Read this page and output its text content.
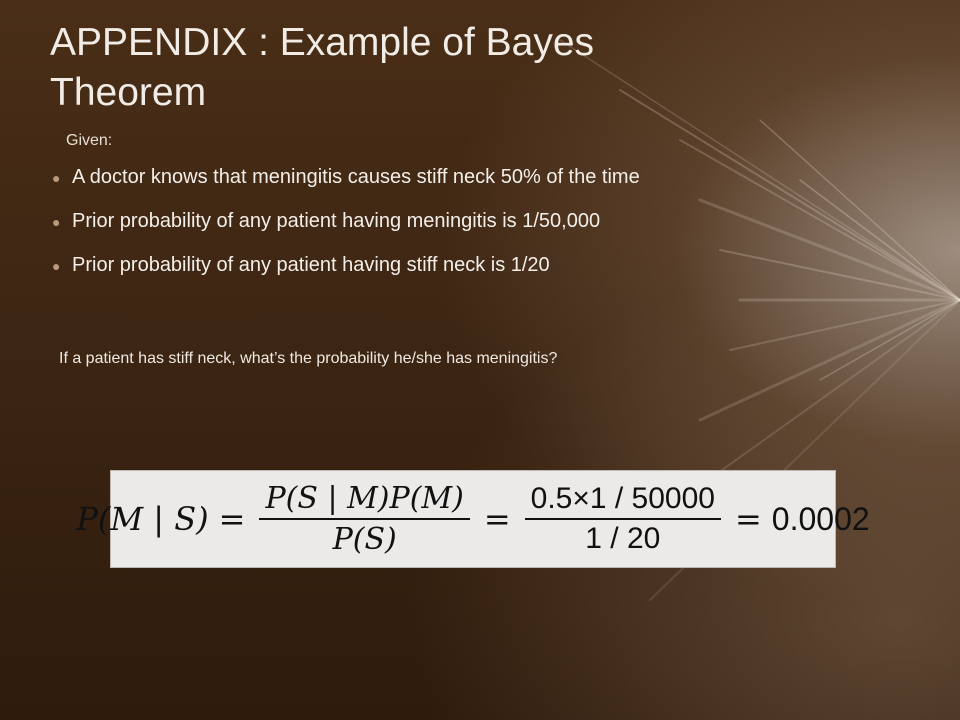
APPENDIX : Example of Bayes Theorem
Given:
● A doctor knows that meningitis causes stiff neck 50% of the time
● Prior probability of any patient having meningitis is 1/50,000
● Prior probability of any patient having stiff neck is 1/20
If a patient has stiff neck, what’s the probability he/she has meningitis?
P(M | $S) = \frac{P(S | M)P(M)}{P(S)} = \frac{0.5\times 1 / 50000}{1 / 20} = 0.0002$
